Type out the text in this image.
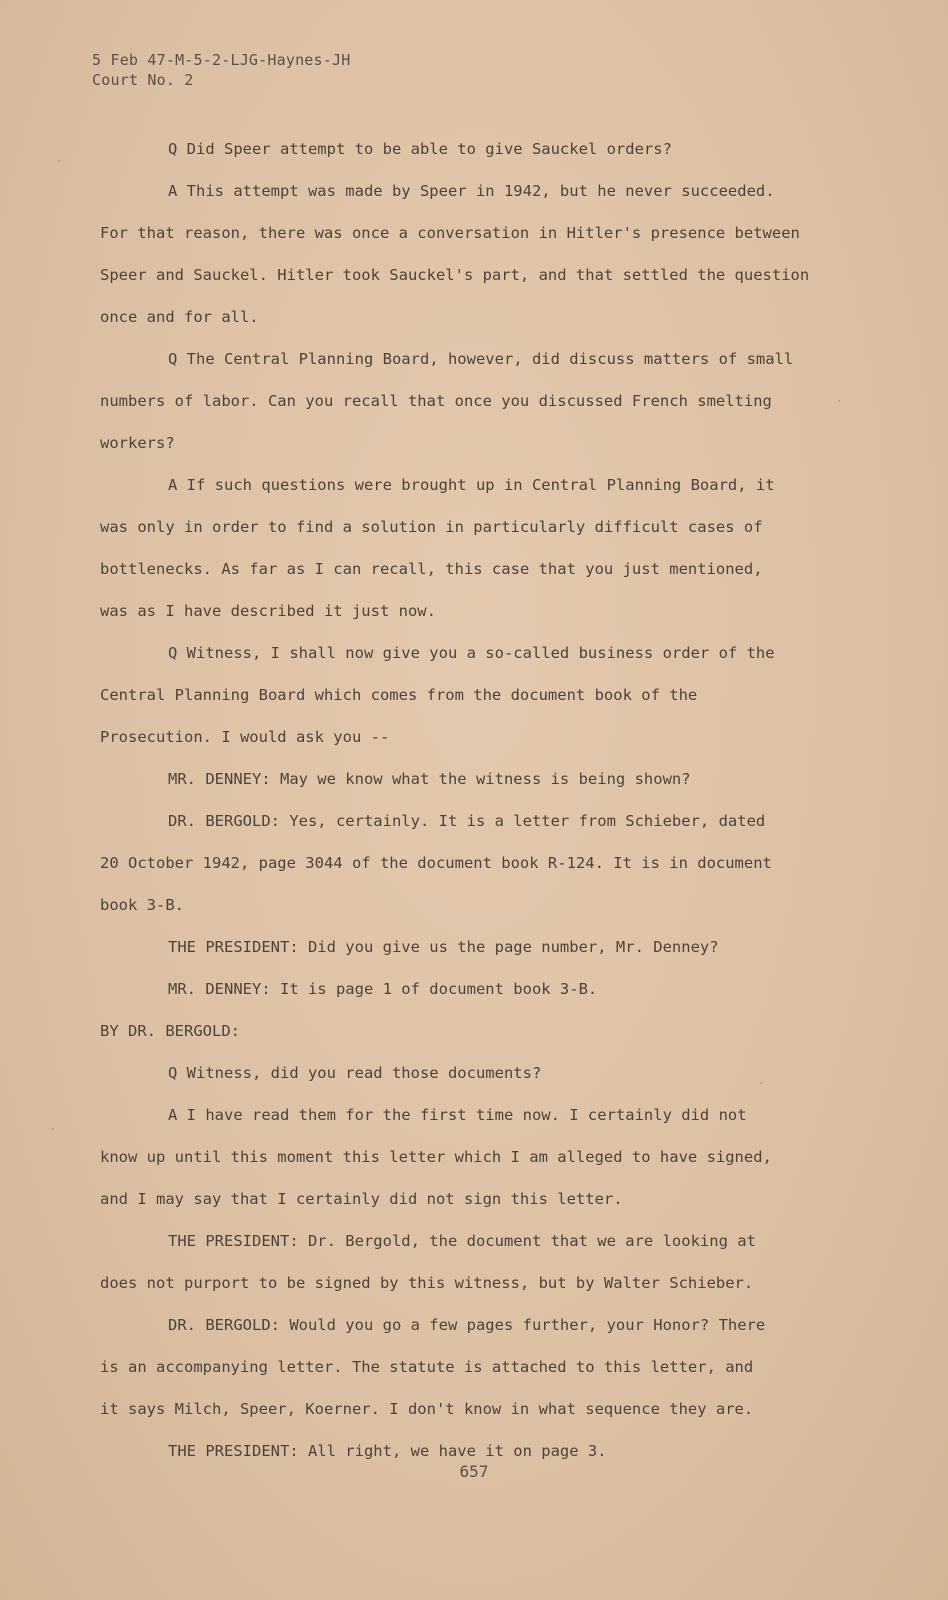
5 Feb 47-M-5-2-LJG-Haynes-JH
Court No. 2
Q Did Speer attempt to be able to give Sauckel orders?
A This attempt was made by Speer in 1942, but he never succeeded.
For that reason, there was once a conversation in Hitler's presence between
Speer and Sauckel. Hitler took Sauckel's part, and that settled the question
once and for all.
Q The Central Planning Board, however, did discuss matters of small
numbers of labor. Can you recall that once you discussed French smelting
workers?
A If such questions were brought up in Central Planning Board, it
was only in order to find a solution in particularly difficult cases of
bottlenecks. As far as I can recall, this case that you just mentioned,
was as I have described it just now.
Q Witness, I shall now give you a so-called business order of the
Central Planning Board which comes from the document book of the
Prosecution. I would ask you --
MR. DENNEY: May we know what the witness is being shown?
DR. BERGOLD: Yes, certainly. It is a letter from Schieber, dated
20 October 1942, page 3044 of the document book R-124. It is in document
book 3-B.
THE PRESIDENT: Did you give us the page number, Mr. Denney?
MR. DENNEY: It is page 1 of document book 3-B.
BY DR. BERGOLD:
Q Witness, did you read those documents?
A I have read them for the first time now. I certainly did not
know up until this moment this letter which I am alleged to have signed,
and I may say that I certainly did not sign this letter.
THE PRESIDENT: Dr. Bergold, the document that we are looking at
does not purport to be signed by this witness, but by Walter Schieber.
DR. BERGOLD: Would you go a few pages further, your Honor? There
is an accompanying letter. The statute is attached to this letter, and
it says Milch, Speer, Koerner. I don't know in what sequence they are.
THE PRESIDENT: All right, we have it on page 3.
657
